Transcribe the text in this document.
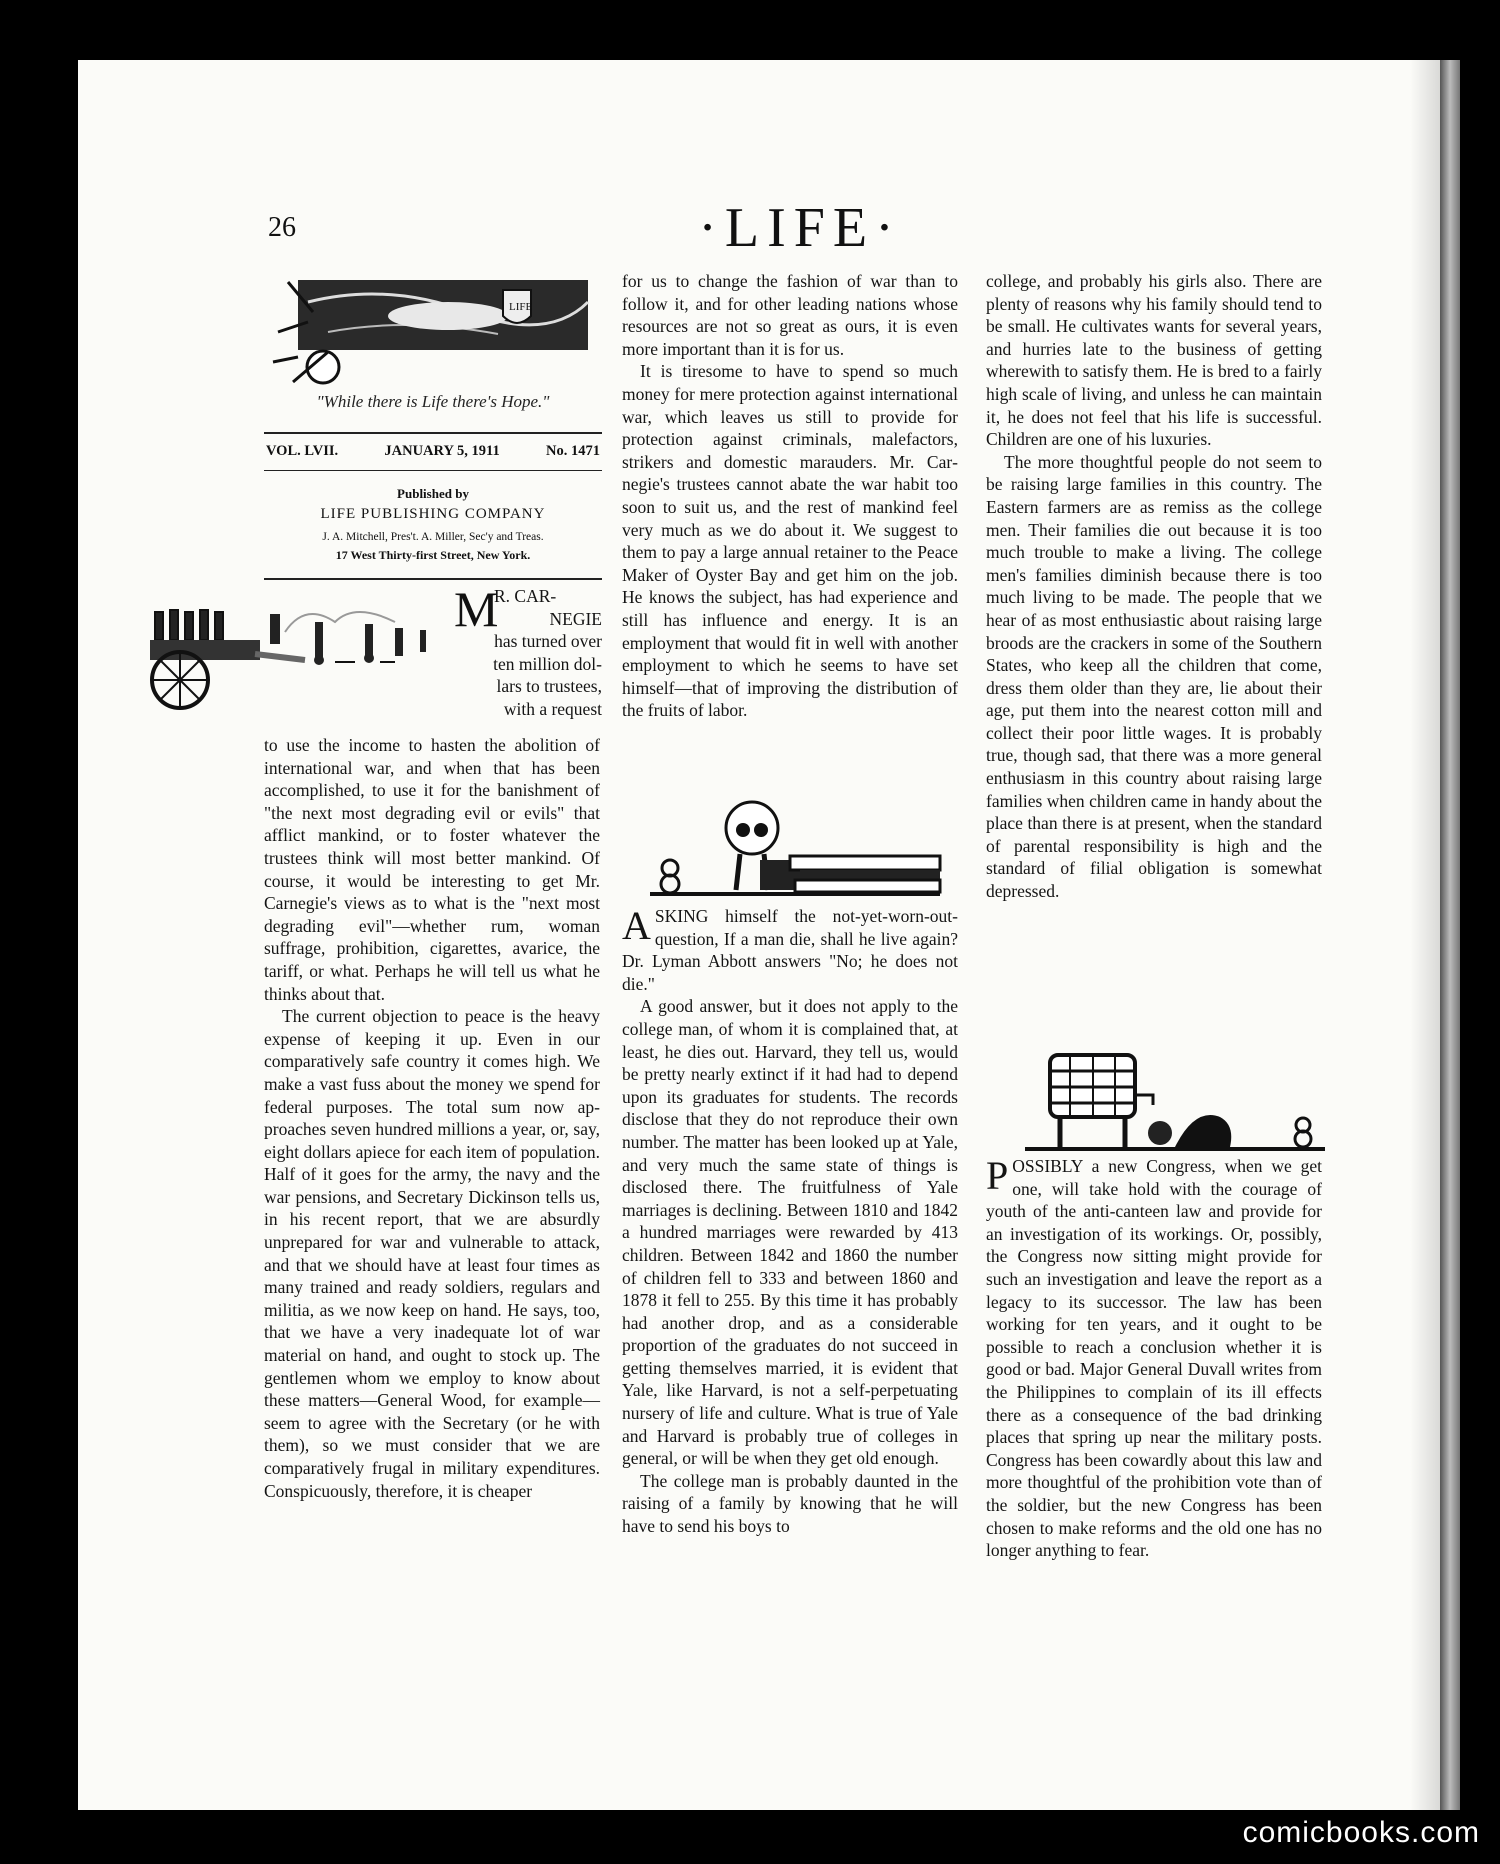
26	·LIFE·
LIFE
"While there is Life there's Hope."
VOL. LVII.	JANUARY 5, 1911	No. 1471
Published by
LIFE PUBLISHING COMPANY
J. A. Mitchell, Pres't. A. Miller, Sec'y and Treas.
17 West Thirty-first Street, New York.
M
R. CAR-
NEGIE
has turned over
ten million dol-
lars to trustees,
with a request

to use the income to hasten the abolition of international war, and when that has been accomplished, to use it for the banishment of "the next most degrading evil or evils" that afflict mankind, or to foster whatever the trustees think will most better mankind. Of course, it would be interesting to get Mr. Carnegie's views as to what is the "next most degrading evil"—whether rum, woman suffrage, prohibition, cigarettes, avarice, the tariff, or what. Perhaps he will tell us what he thinks about that.

The current objection to peace is the heavy expense of keeping it up. Even in our comparatively safe country it comes high. We make a vast fuss about the money we spend for federal purposes. The total sum now approaches seven hundred millions a year, or, say, eight dollars apiece for each item of population. Half of it goes for the army, the navy and the war pensions, and Secretary Dickinson tells us, in his recent report, that we are absurdly unprepared for war and vulnerable to attack, and that we should have at least four times as many trained and ready soldiers, regulars and militia, as we now keep on hand. He says, too, that we have a very inadequate lot of war material on hand, and ought to stock up. The gentlemen whom we employ to know about these matters—General Wood, for example—seem to agree with the Secretary (or he with them), so we must consider that we are comparatively frugal in military expenditures. Conspicuously, therefore, it is cheaper

for us to change the fashion of war than to follow it, and for other leading nations whose resources are not so great as ours, it is even more important than it is for us.

It is tiresome to have to spend so much money for mere protection against international war, which leaves us still to provide for protection against criminals, malefactors, strikers and domestic marauders. Mr. Carnegie's trustees cannot abate the war habit too soon to suit us, and the rest of mankind feel very much as we do about it. We suggest to them to pay a large annual retainer to the Peace Maker of Oyster Bay and get him on the job. He knows the subject, has had experience and still has influence and energy. It is an employment that would fit in well with another employment to which he seems to have set himself—that of improving the distribution of the fruits of labor.

ASKING himself the not-yet-worn-out-question, If a man die, shall he live again? Dr. Lyman Abbott answers "No; he does not die."

A good answer, but it does not apply to the college man, of whom it is complained that, at least, he dies out. Harvard, they tell us, would be pretty nearly extinct if it had had to depend upon its graduates for students. The records disclose that they do not reproduce their own number. The matter has been looked up at Yale, and very much the same state of things is disclosed there. The fruitfulness of Yale marriages is declining. Between 1810 and 1842 a hundred marriages were rewarded by 413 children. Between 1842 and 1860 the number of children fell to 333 and between 1860 and 1878 it fell to 255. By this time it has probably had another drop, and as a considerable proportion of the graduates do not succeed in getting themselves married, it is evident that Yale, like Harvard, is not a self-perpetuating nursery of life and culture. What is true of Yale and Harvard is probably true of colleges in general, or will be when they get old enough.

The college man is probably daunted in the raising of a family by knowing that he will have to send his boys to

college, and probably his girls also. There are plenty of reasons why his family should tend to be small. He cultivates wants for several years, and hurries late to the business of getting wherewith to satisfy them. He is bred to a fairly high scale of living, and unless he can maintain it, he does not feel that his life is successful. Children are one of his luxuries.

The more thoughtful people do not seem to be raising large families in this country. The Eastern farmers are as remiss as the college men. Their families die out because it is too much trouble to make a living. The college men's families diminish because there is too much living to be made. The people that we hear of as most enthusiastic about raising large broods are the crackers in some of the Southern States, who keep all the children that come, dress them older than they are, lie about their age, put them into the nearest cotton mill and collect their poor little wages. It is probably true, though sad, that there was a more general enthusiasm in this country about raising large families when children came in handy about the place than there is at present, when the standard of parental responsibility is high and the standard of filial obligation is somewhat depressed.

POSSIBLY a new Congress, when we get one, will take hold with the courage of youth of the anti-canteen law and provide for an investigation of its workings. Or, possibly, the Congress now sitting might provide for such an investigation and leave the report as a legacy to its successor. The law has been working for ten years, and it ought to be possible to reach a conclusion whether it is good or bad. Major General Duvall writes from the Philippines to complain of its ill effects there as a consequence of the bad drinking places that spring up near the military posts. Congress has been cowardly about this law and more thoughtful of the prohibition vote than of the soldier, but the new Congress has been chosen to make reforms and the old one has no longer anything to fear.

comicbooks.com
